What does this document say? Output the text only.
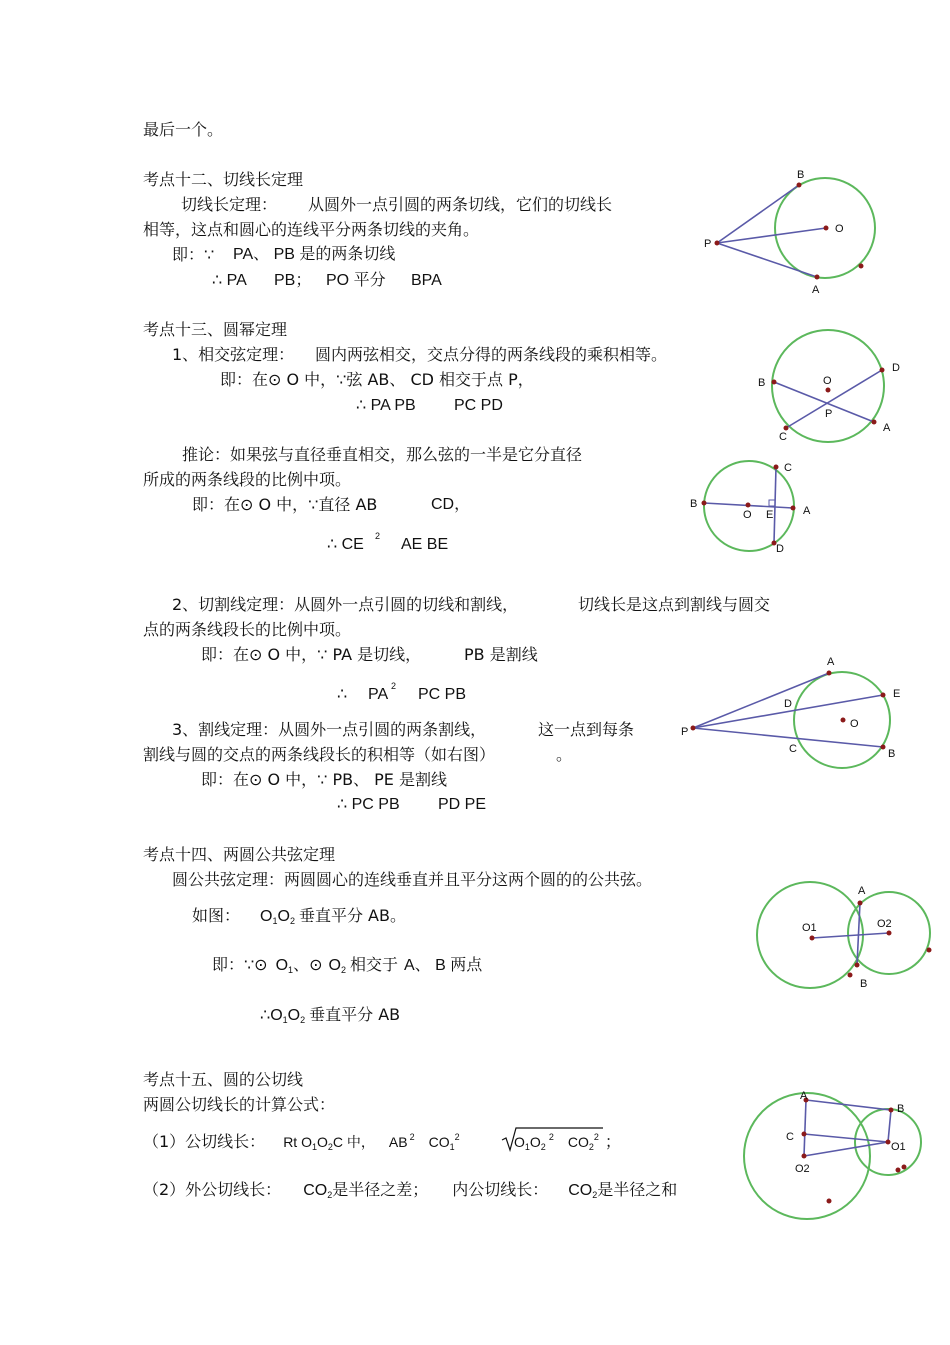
最后一个。
考点十二、切线长定理
切线长定理： 从圆外一点引圆的两条切线，它们的切线长
相等，这点和圆心的连线平分两条切线的夹角。
即：∵ PA、 PB 是的两条切线
∴ PA PB； PO 平分 BPA
B
O
P
A
考点十三、圆幂定理
1、相交弦定理： 圆内两弦相交，交点分得的两条线段的乘积相等。
即：在⊙ O 中，∵弦 AB、 CD 相交于点 P，
∴ PA PB PC PD
推论：如果弦与直径垂直相交，那么弦的一半是它分直径
所成的两条线段的比例中项。
即：在⊙ O 中，∵直径 AB	CD，
∴ CE 2 AE BE
2、切割线定理：从圆外一点引圆的切线和割线，	切线长是这点到割线与圆交
点的两条线段长的比例中项。
即：在⊙ O 中，∵ PA 是切线，	PB 是割线
∴ PA 2 PC PB
3、割线定理：从圆外一点引圆的两条割线，	这一点到每条
割线与圆的交点的两条线段长的积相等（如右图）	。
即：在⊙ O 中，∵ PB、 PE 是割线
∴ PC PB PD PE
D
B	O
P
C
A
C
B
O E	A
D
A
E
D
O
P
C	B
考点十四、两圆公共弦定理
圆公共弦定理：两圆圆心的连线垂直并且平分这两个圆的的公共弦。
如图： O1O2 垂直平分 AB。
即：∵⊙ O1、⊙ O2 相交于 A、 B 两点
∴O1O2 垂直平分 AB
A
O1	O2
B
考点十五、圆的公切线
两圆公切线长的计算公式：
（1）公切线长： Rt O1O2C 中， AB $^2$ $CO1^2$	$O1O2^2$ $CO2^2$ ；
（2）外公切线长： CO2是半径之差； 内公切线长： CO2是半径之和
A
B
C
O1
O2
